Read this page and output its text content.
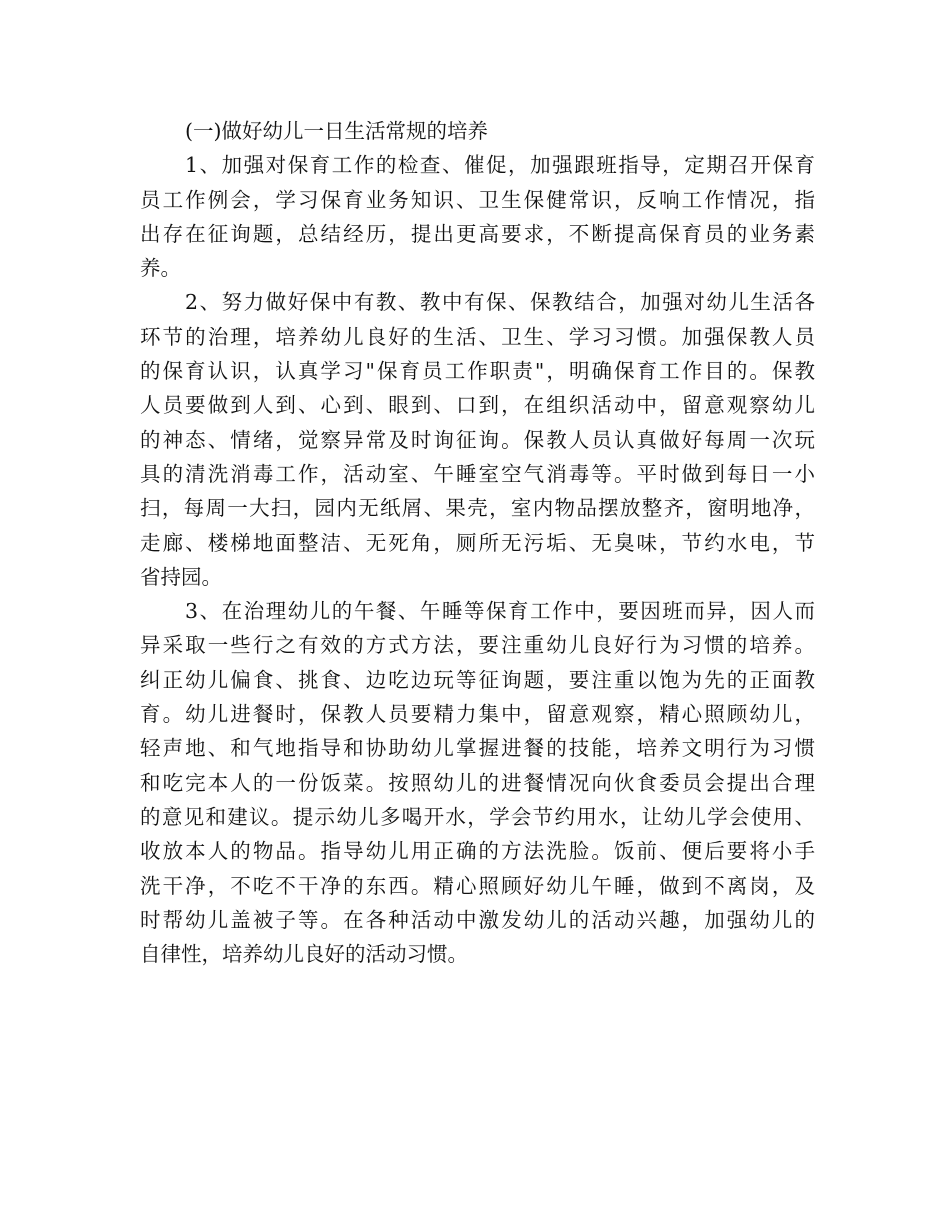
(一)做好幼儿一日生活常规的培养
1、加强对保育工作的检查、催促，加强跟班指导，定期召开保育
员工作例会，学习保育业务知识、卫生保健常识，反响工作情况，指
出存在征询题，总结经历，提出更高要求，不断提高保育员的业务素
养。
2、努力做好保中有教、教中有保、保教结合，加强对幼儿生活各
环节的治理，培养幼儿良好的生活、卫生、学习习惯。加强保教人员
的保育认识，认真学习"保育员工作职责"，明确保育工作目的。保教
人员要做到人到、心到、眼到、口到，在组织活动中，留意观察幼儿
的神态、情绪，觉察异常及时询征询。保教人员认真做好每周一次玩
具的清洗消毒工作，活动室、午睡室空气消毒等。平时做到每日一小
扫，每周一大扫，园内无纸屑、果壳，室内物品摆放整齐，窗明地净，
走廊、楼梯地面整洁、无死角，厕所无污垢、无臭味，节约水电，节
省持园。
3、在治理幼儿的午餐、午睡等保育工作中，要因班而异，因人而
异采取一些行之有效的方式方法，要注重幼儿良好行为习惯的培养。
纠正幼儿偏食、挑食、边吃边玩等征询题，要注重以饱为先的正面教
育。幼儿进餐时，保教人员要精力集中，留意观察，精心照顾幼儿，
轻声地、和气地指导和协助幼儿掌握进餐的技能，培养文明行为习惯
和吃完本人的一份饭菜。按照幼儿的进餐情况向伙食委员会提出合理
的意见和建议。提示幼儿多喝开水，学会节约用水，让幼儿学会使用、
收放本人的物品。指导幼儿用正确的方法洗脸。饭前、便后要将小手
洗干净，不吃不干净的东西。精心照顾好幼儿午睡，做到不离岗，及
时帮幼儿盖被子等。在各种活动中激发幼儿的活动兴趣，加强幼儿的
自律性，培养幼儿良好的活动习惯。
